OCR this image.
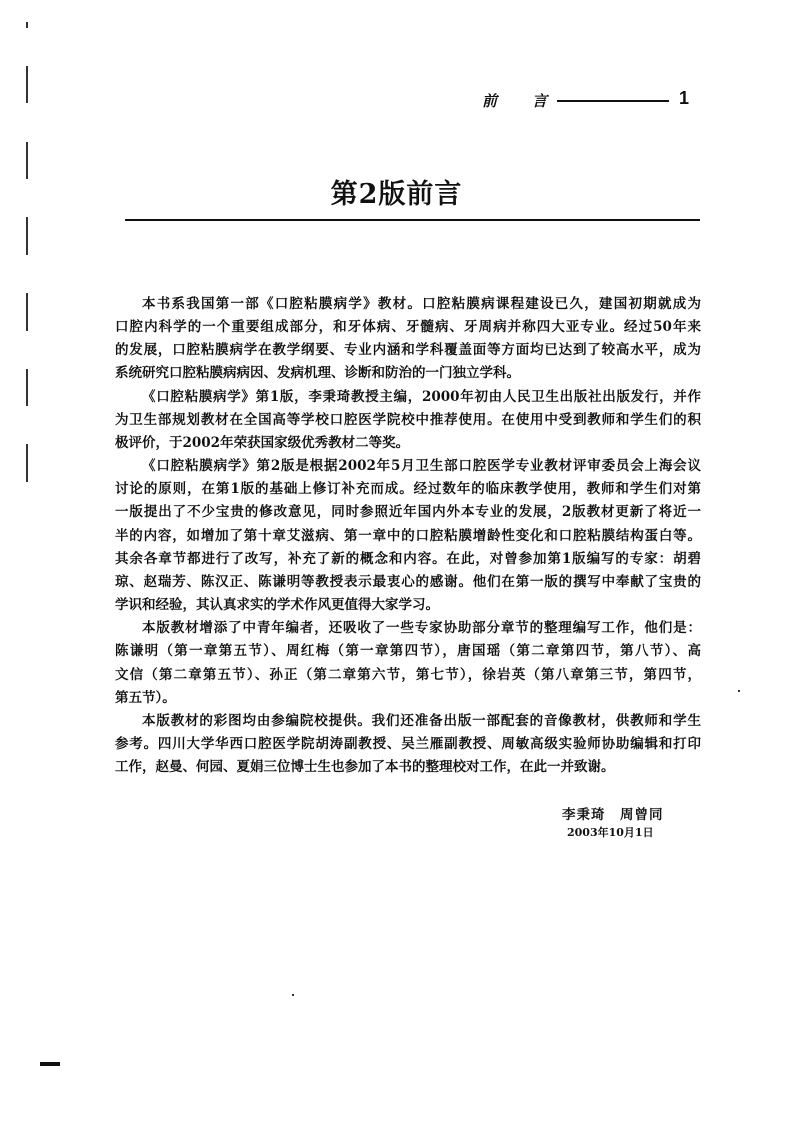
前 言	1
第2版前言
本书系我国第一部《口腔粘膜病学》教材。口腔粘膜病课程建设已久，建国初期就成为
口腔内科学的一个重要组成部分，和牙体病、牙髓病、牙周病并称四大亚专业。经过50年来
的发展，口腔粘膜病学在教学纲要、专业内涵和学科覆盖面等方面均已达到了较高水平，成为
系统研究口腔粘膜病病因、发病机理、诊断和防治的一门独立学科。
《口腔粘膜病学》第1版，李秉琦教授主编，2000年初由人民卫生出版社出版发行，并作
为卫生部规划教材在全国高等学校口腔医学院校中推荐使用。在使用中受到教师和学生们的积
极评价，于2002年荣获国家级优秀教材二等奖。
《口腔粘膜病学》第2版是根据2002年5月卫生部口腔医学专业教材评审委员会上海会议
讨论的原则，在第1版的基础上修订补充而成。经过数年的临床教学使用，教师和学生们对第
一版提出了不少宝贵的修改意见，同时参照近年国内外本专业的发展，2版教材更新了将近一
半的内容，如增加了第十章艾滋病、第一章中的口腔粘膜增龄性变化和口腔粘膜结构蛋白等。
其余各章节都进行了改写，补充了新的概念和内容。在此，对曾参加第1版编写的专家：胡碧
琼、赵瑞芳、陈汉正、陈谦明等教授表示最衷心的感谢。他们在第一版的撰写中奉献了宝贵的
学识和经验，其认真求实的学术作风更值得大家学习。
本版教材增添了中青年编者，还吸收了一些专家协助部分章节的整理编写工作，他们是：
陈谦明（第一章第五节）、周红梅（第一章第四节），唐国瑶（第二章第四节，第八节）、高
文信（第二章第五节）、孙正（第二章第六节，第七节），徐岩英（第八章第三节，第四节，
第五节）。
本版教材的彩图均由参编院校提供。我们还准备出版一部配套的音像教材，供教师和学生
参考。四川大学华西口腔医学院胡涛副教授、吴兰雁副教授、周敏高级实验师协助编辑和打印
工作，赵曼、何园、夏娟三位博士生也参加了本书的整理校对工作，在此一并致谢。
李秉琦　周曾同
2003年10月1日
